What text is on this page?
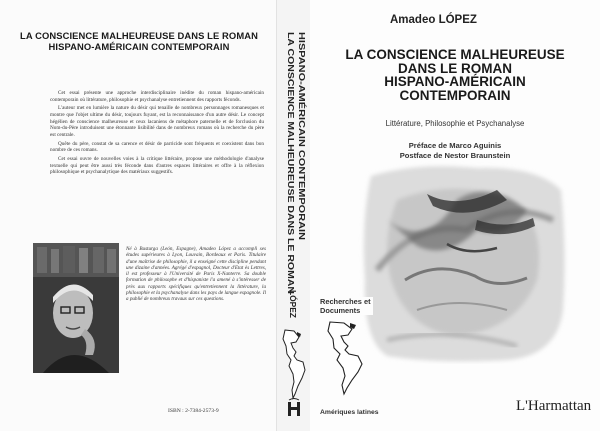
LA CONSCIENCE MALHEUREUSE DANS LE ROMAN
HISPANO-AMÉRICAIN CONTEMPORAIN

Cet essai présente une approche interdisciplinaire inédite du roman hispano-américain contemporain où littérature, philosophie et psychanalyse entretiennent des rapports féconds.

L'auteur met en lumière la nature du désir qui tenaille de nombreux personnages romanesques et montre que l'objet ultime du désir, toujours fuyant, est la reconnaissance d'un autre désir. Le concept hégélien de conscience malheureuse et ceux lacaniens de métaphore paternelle et de forclusion du Nom-du-Père introduisent une étonnante lisibilité dans de nombreux romans où la recherche du père est centrale.

Quête du père, constat de sa carence et désir de parricide sont fréquents et coexistent dans bon nombre de ces romans.

Cet essai ouvre de nouvelles voies à la critique littéraire, propose une méthodologie d'analyse textuelle qui peut être aussi très féconde dans d'autres espaces littéraires et offre à la réflexion philosophique et psychanalytique des matériaux suggestifs.

Né à Busturga (León, Espagne), Amadeo López a accompli ses études supérieures à Lyon, Louvain, Bordeaux et Paris. Titulaire d'une maîtrise de philosophie, il a enseigné cette discipline pendant une dizaine d'années. Agrégé d'espagnol, Docteur d'Etat ès Lettres, il est professeur à l'Université de Paris X-Nanterre. Sa double formation de philosophe et d'hispaniste l'a amené à s'intéresser de près aux rapports spécifiques qu'entretiennent la littérature, la philosophie et la psychanalyse dans les pays de langue espagnole. Il a publié de nombreux travaux sur ces questions.
ISBN : 2-7384-2573-9
LA CONSCIENCE MALHEUREUSE DANS LE ROMAN HISPANO-AMÉRICAIN CONTEMPORAIN
LÓPEZ
Amadeo LÓPEZ
LA CONSCIENCE MALHEUREUSE
DANS LE ROMAN
HISPANO-AMÉRICAIN
CONTEMPORAIN
Littérature, Philosophie et Psychanalyse
Préface de Marco Aguinis
Postface de Nestor Braunstein
Recherches et
Documents
Amériques latines	L'Harmattan
